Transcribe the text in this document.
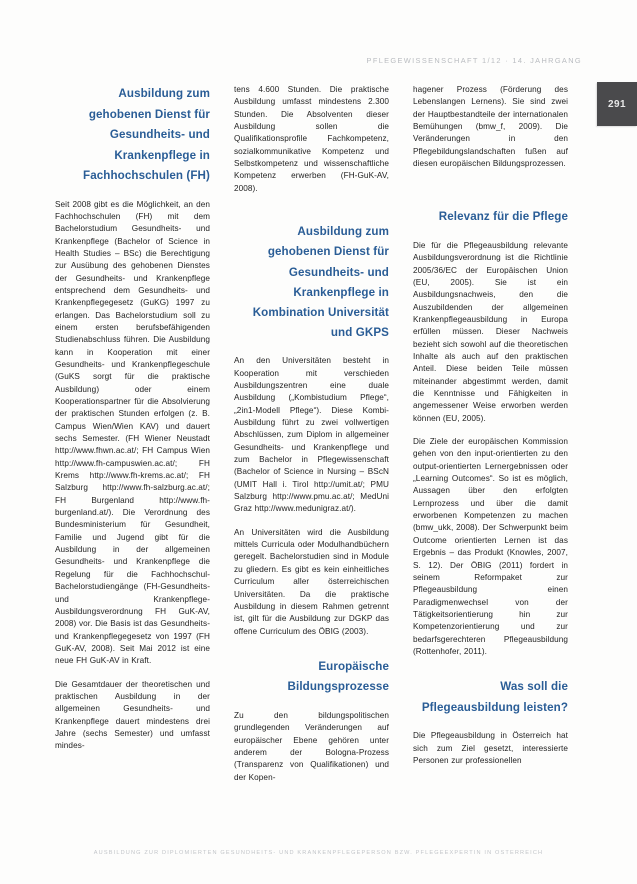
PFLEGEWISSENSCHAFT 1/12 · 14. JAHRGANG
291
Ausbildung zum gehobenen Dienst für Gesundheits- und Krankenpflege in Fachhochschulen (FH)

Seit 2008 gibt es die Möglichkeit, an den Fachhochschulen (FH) mit dem Bachelorstudium Gesundheits- und Krankenpflege (Bachelor of Science in Health Studies – BSc) die Berechtigung zur Ausübung des gehobenen Dienstes der Gesundheits- und Krankenpflege entsprechend dem Gesundheits- und Krankenpflegegesetz (GuKG) 1997 zu erlangen. Das Bachelorstudium soll zu einem ersten berufsbefähigenden Studienabschluss führen. Die Ausbildung kann in Kooperation mit einer Gesundheits- und Krankenpflegeschule (GuKS sorgt für die praktische Ausbildung) oder einem Kooperationspartner für die Absolvierung der praktischen Stunden erfolgen (z. B. Campus Wien/Wien KAV) und dauert sechs Semester. (FH Wiener Neustadt http://www.fhwn.ac.at/; FH Campus Wien http://www.fh-campuswien.ac.at/; FH Krems http://www.fh-krems.ac.at/; FH Salzburg http://www.fh-salzburg.ac.at/; FH Burgenland http://www.fh-burgenland.at/). Die Verordnung des Bundesministerium für Gesundheit, Familie und Jugend gibt für die Ausbildung in der allgemeinen Gesundheits- und Krankenpflege die Regelung für die Fachhochschul-Bachelorstudiengänge (FH-Gesundheits- und Krankenpflege-Ausbildungsverordnung FH GuK-AV, 2008) vor. Die Basis ist das Gesundheits- und Krankenpflegegesetz von 1997 (FH GuK-AV, 2008). Seit Mai 2012 ist eine neue FH GuK-AV in Kraft.

Die Gesamtdauer der theoretischen und praktischen Ausbildung in der allgemeinen Gesundheits- und Krankenpflege dauert mindestens drei Jahre (sechs Semester) und umfasst mindes-

tens 4.600 Stunden. Die praktische Ausbildung umfasst mindestens 2.300 Stunden. Die Absolventen dieser Ausbildung sollen die Qualifikationsprofile Fachkompetenz, sozialkommunikative Kompetenz und Selbstkompetenz und wissenschaftliche Kompetenz erwerben (FH-GuK-AV, 2008).

Ausbildung zum gehobenen Dienst für Gesundheits- und Krankenpflege in Kombination Universität und GKPS

An den Universitäten besteht in Kooperation mit verschieden Ausbildungszentren eine duale Ausbildung („Kombistudium Pflege“, „2in1-Modell Pflege“). Diese Kombi-Ausbildung führt zu zwei vollwertigen Abschlüssen, zum Diplom in allgemeiner Gesundheits- und Krankenpflege und zum Bachelor in Pflegewissenschaft (Bachelor of Science in Nursing – BScN (UMIT Hall i. Tirol http://umit.at/; PMU Salzburg http://www.pmu.ac.at/; MedUni Graz http://www.medunigraz.at/).

An Universitäten wird die Ausbildung mittels Curricula oder Modulhandbüchern geregelt. Bachelorstudien sind in Module zu gliedern. Es gibt es kein einheitliches Curriculum aller österreichischen Universitäten. Da die praktische Ausbildung in diesem Rahmen getrennt ist, gilt für die Ausbildung zur DGKP das offene Curriculum des ÖBIG (2003).

Europäische Bildungsprozesse

Zu den bildungspolitischen grundlegenden Veränderungen auf europäischer Ebene gehören unter anderem der Bologna-Prozess (Transparenz von Qualifikationen) und der Kopen-

hagener Prozess (Förderung des Lebenslangen Lernens). Sie sind zwei der Hauptbestandteile der internationalen Bemühungen (bmw_f, 2009). Die Veränderungen in den Pflegebildungslandschaften fußen auf diesen europäischen Bildungsprozessen.

Relevanz für die Pflege

Die für die Pflegeausbildung relevante Ausbildungsverordnung ist die Richtlinie 2005/36/EC der Europäischen Union (EU, 2005). Sie ist ein Ausbildungsnachweis, den die Auszubildenden der allgemeinen Krankenpflegeausbildung in Europa erfüllen müssen. Dieser Nachweis bezieht sich sowohl auf die theoretischen Inhalte als auch auf den praktischen Anteil. Diese beiden Teile müssen miteinander abgestimmt werden, damit die Kenntnisse und Fähigkeiten in angemessener Weise erworben werden können (EU, 2005).

Die Ziele der europäischen Kommission gehen von den input-orientierten zu den output-orientierten Lernergebnissen oder „Learning Outcomes“. So ist es möglich, Aussagen über den erfolgten Lernprozess und über die damit erworbenen Kompetenzen zu machen (bmw_ukk, 2008). Der Schwerpunkt beim Outcome orientierten Lernen ist das Ergebnis – das Produkt (Knowles, 2007, S. 12). Der ÖBIG (2011) fordert in seinem Reformpaket zur Pflegeausbildung einen Paradigmenwechsel von der Tätigkeitsorientierung hin zur Kompetenzorientierung und zur bedarfsgerechteren Pflegeausbildung (Rottenhofer, 2011).

Was soll die Pflegeausbildung leisten?

Die Pflegeausbildung in Österreich hat sich zum Ziel gesetzt, interessierte Personen zur professionellen

AUSBILDUNG ZUR DIPLOMIERTEN GESUNDHEITS- UND KRANKENPFLEGEPERSON BZW. PFLEGEEXPERTIN IN ÖSTERREICH
